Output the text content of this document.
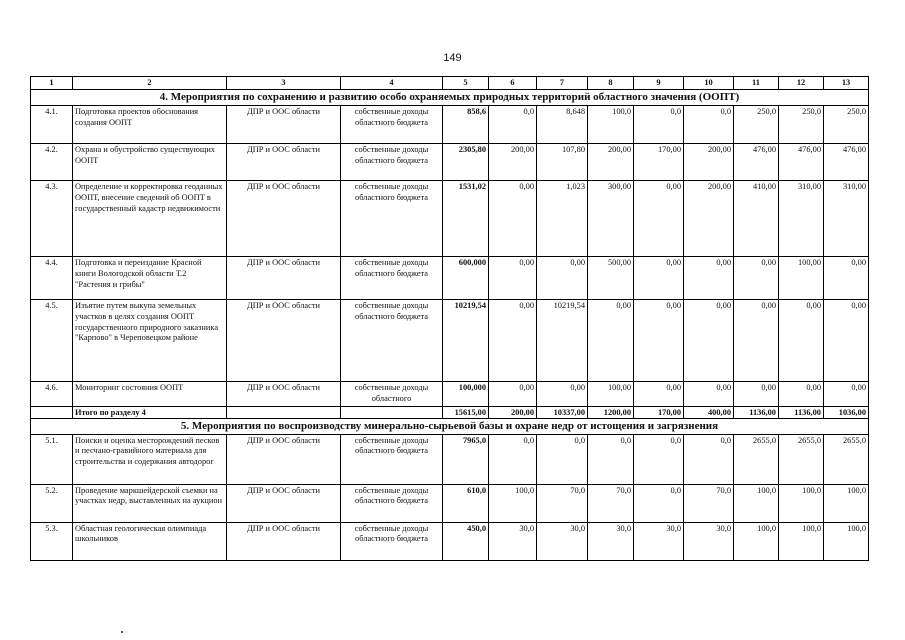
149
1	2	3	4	5	6	7	8	9	10	11	12	13
4. Мероприятия по сохранению и развитию особо охраняемых природных территорий областного значения (ООПТ)												
4.1.	Подготовка проектов обоснования создания ООПТ	ДПР и ООС области	собственные доходы областного бюджета	858,6	0,0	8,648	100,0	0,0	0,0	250,0	250,0	250,0
4.2.	Охрана и обустройство существующих ООПТ	ДПР и ООС области	собственные доходы областного бюджета	2305,80	200,00	107,80	200,00	170,00	200,00	476,00	476,00	476,00
4.3.	Определение и корректировка геоданных ООПТ, внесение сведений об ООПТ в государственный кадастр недвижимости	ДПР и ООС области	собственные доходы областного бюджета	1531,02	0,00	1,023	300,00	0,00	200,00	410,00	310,00	310,00
4.4.	Подготовка и переиздание Красной книги Вологодской области Т.2 "Растения и грибы"	ДПР и ООС области	собственные доходы областного бюджета	600,000	0,00	0,00	500,00	0,00	0,00	0,00	100,00	0,00
4.5.	Изъятие путем выкупа земельных участков в целях создания ООПТ государственного природного заказника "Карпово" в Череповецком районе	ДПР и ООС области	собственные доходы областного бюджета	10219,54	0,00	10219,54	0,00	0,00	0,00	0,00	0,00	0,00
4.6.	Мониторинг состояния ООПТ	ДПР и ООС области	собственные доходы областного	100,000	0,00	0,00	100,00	0,00	0,00	0,00	0,00	0,00
	Итого по разделу 4			15615,00	200,00	10337,00	1200,00	170,00	400,00	1136,00	1136,00	1036,00
5. Мероприятия по воспроизводству минерально-сырьевой базы и охране недр от истощения и загрязнения												
5.1.	Поиски и оценка месторождений песков и песчано-гравийного материала для строительства и содержания автодорог	ДПР и ООС области	собственные доходы областного бюджета	7965,0	0,0	0,0	0,0	0,0	0,0	2655,0	2655,0	2655,0
5.2.	Проведение маркшейдерской съемки на участках недр, выставленных на аукцион	ДПР и ООС области	собственные доходы областного бюджета	610,0	100,0	70,0	70,0	0,0	70,0	100,0	100,0	100,0
5.3.	Областная геологическая олимпиада школьников	ДПР и ООС области	собственные доходы областного бюджета	450,0	30,0	30,0	30,0	30,0	30,0	100,0	100,0	100,0
